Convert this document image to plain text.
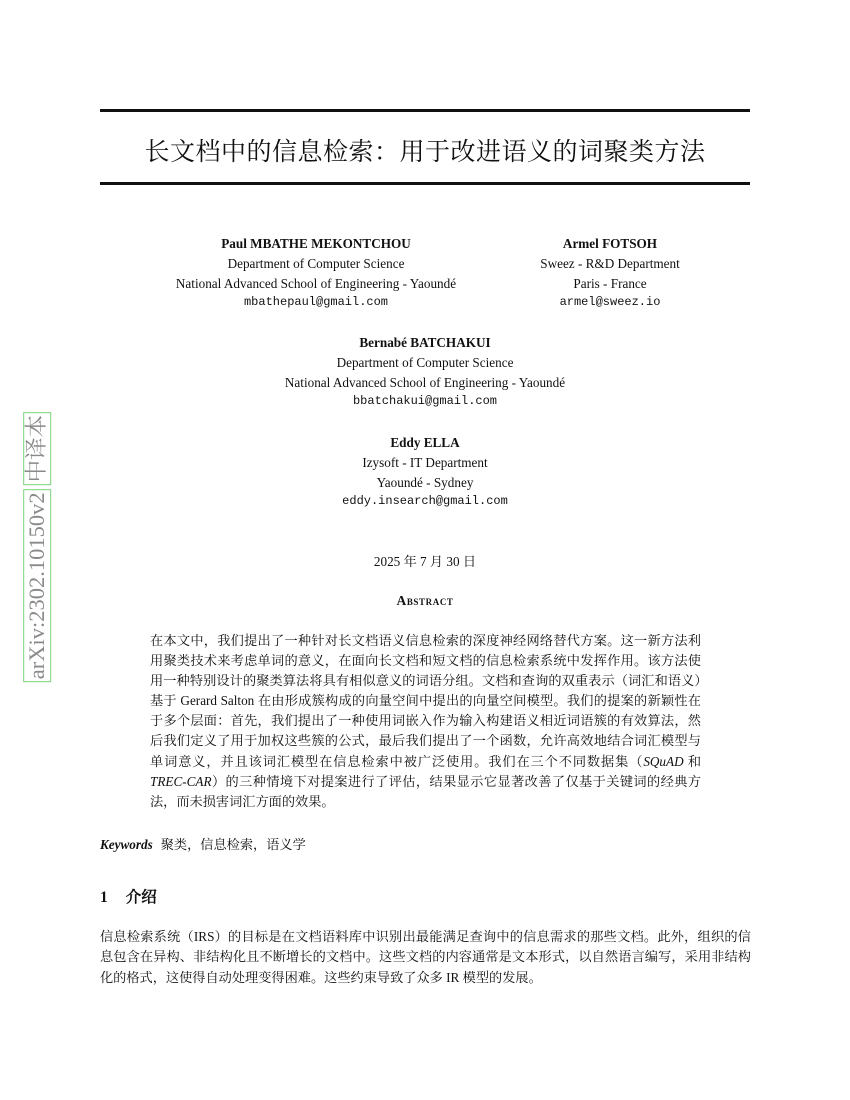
长文档中的信息检索：用于改进语义的词聚类方法
Paul MBATHE MEKONTCHOU
Department of Computer Science
National Advanced School of Engineering - Yaoundé
mbathepaul@gmail.com
Armel FOTSOH
Sweez - R&D Department
Paris - France
armel@sweez.io
Bernabé BATCHAKUI
Department of Computer Science
National Advanced School of Engineering - Yaoundé
bbatchakui@gmail.com
Eddy ELLA
Izysoft - IT Department
Yaoundé - Sydney
eddy.insearch@gmail.com
2025 年 7 月 30 日
Abstract
在本文中，我们提出了一种针对长文档语义信息检索的深度神经网络替代方案。这一新方法利用聚类技术来考虑单词的意义，在面向长文档和短文档的信息检索系统中发挥作用。该方法使用一种特别设计的聚类算法将具有相似意义的词语分组。文档和查询的双重表示（词汇和语义）基于 Gerard Salton 在由形成簇构成的向量空间中提出的向量空间模型。我们的提案的新颖性在于多个层面：首先，我们提出了一种使用词嵌入作为输入构建语义相近词语簇的有效算法，然后我们定义了用于加权这些簇的公式，最后我们提出了一个函数，允许高效地结合词汇模型与单词意义，并且该词汇模型在信息检索中被广泛使用。我们在三个不同数据集（SQuAD 和 TREC-CAR）的三种情境下对提案进行了评估，结果显示它显著改善了仅基于关键词的经典方法，而未损害词汇方面的效果。
Keywords 聚类，信息检索，语义学
1 介绍
信息检索系统（IRS）的目标是在文档语料库中识别出最能满足查询中的信息需求的那些文档。此外，组织的信息包含在异构、非结构化且不断增长的文档中。这些文档的内容通常是文本形式，以自然语言编写，采用非结构化的格式，这使得自动处理变得困难。这些约束导致了众多 IR 模型的发展。
arXiv:2302.10150v2
中译本
